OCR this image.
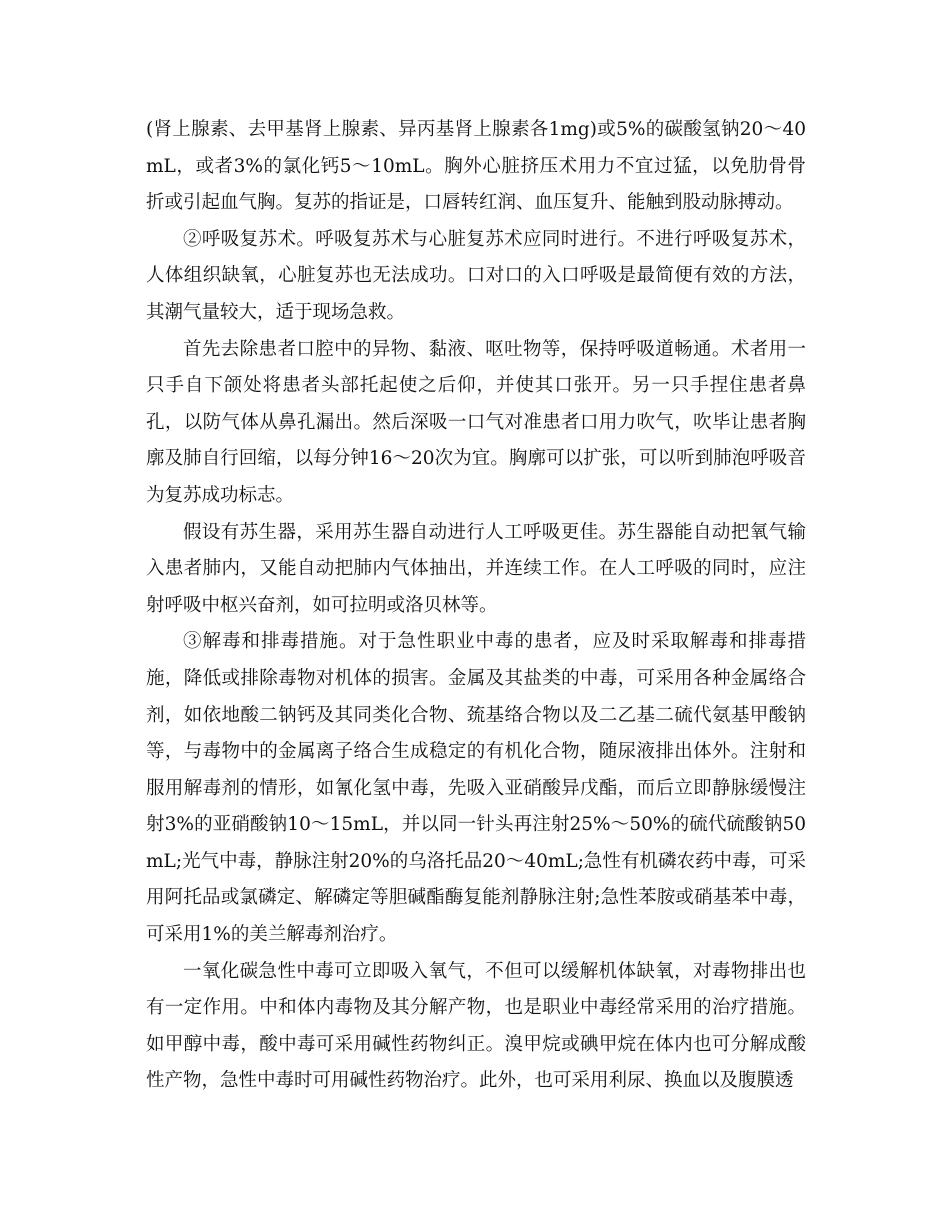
(肾上腺素、去甲基肾上腺素、异丙基肾上腺素各1mg)或5%的碳酸氢钠20～40mL，或者3%的氯化钙5～10mL。胸外心脏挤压术用力不宜过猛，以免肋骨骨折或引起血气胸。复苏的指证是，口唇转红润、血压复升、能触到股动脉搏动。

②呼吸复苏术。呼吸复苏术与心脏复苏术应同时进行。不进行呼吸复苏术，人体组织缺氧，心脏复苏也无法成功。口对口的入口呼吸是最简便有效的方法，其潮气量较大，适于现场急救。

首先去除患者口腔中的异物、黏液、呕吐物等，保持呼吸道畅通。术者用一只手自下颌处将患者头部托起使之后仰，并使其口张开。另一只手捏住患者鼻孔，以防气体从鼻孔漏出。然后深吸一口气对准患者口用力吹气，吹毕让患者胸廓及肺自行回缩，以每分钟16～20次为宜。胸廓可以扩张，可以听到肺泡呼吸音为复苏成功标志。

假设有苏生器，采用苏生器自动进行人工呼吸更佳。苏生器能自动把氧气输入患者肺内，又能自动把肺内气体抽出，并连续工作。在人工呼吸的同时，应注射呼吸中枢兴奋剂，如可拉明或洛贝林等。

③解毒和排毒措施。对于急性职业中毒的患者，应及时采取解毒和排毒措施，降低或排除毒物对机体的损害。金属及其盐类的中毒，可采用各种金属络合剂，如依地酸二钠钙及其同类化合物、巯基络合物以及二乙基二硫代氨基甲酸钠等，与毒物中的金属离子络合生成稳定的有机化合物，随尿液排出体外。注射和服用解毒剂的情形，如氰化氢中毒，先吸入亚硝酸异戊酯，而后立即静脉缓慢注射3%的亚硝酸钠10～15mL，并以同一针头再注射25%～50%的硫代硫酸钠50mL;光气中毒，静脉注射20%的乌洛托品20～40mL;急性有机磷农药中毒，可采用阿托品或氯磷定、解磷定等胆碱酯酶复能剂静脉注射;急性苯胺或硝基苯中毒，可采用1%的美兰解毒剂治疗。

一氧化碳急性中毒可立即吸入氧气，不但可以缓解机体缺氧，对毒物排出也有一定作用。中和体内毒物及其分解产物，也是职业中毒经常采用的治疗措施。如甲醇中毒，酸中毒可采用碱性药物纠正。溴甲烷或碘甲烷在体内也可分解成酸性产物，急性中毒时可用碱性药物治疗。此外，也可采用利尿、换血以及腹膜透
